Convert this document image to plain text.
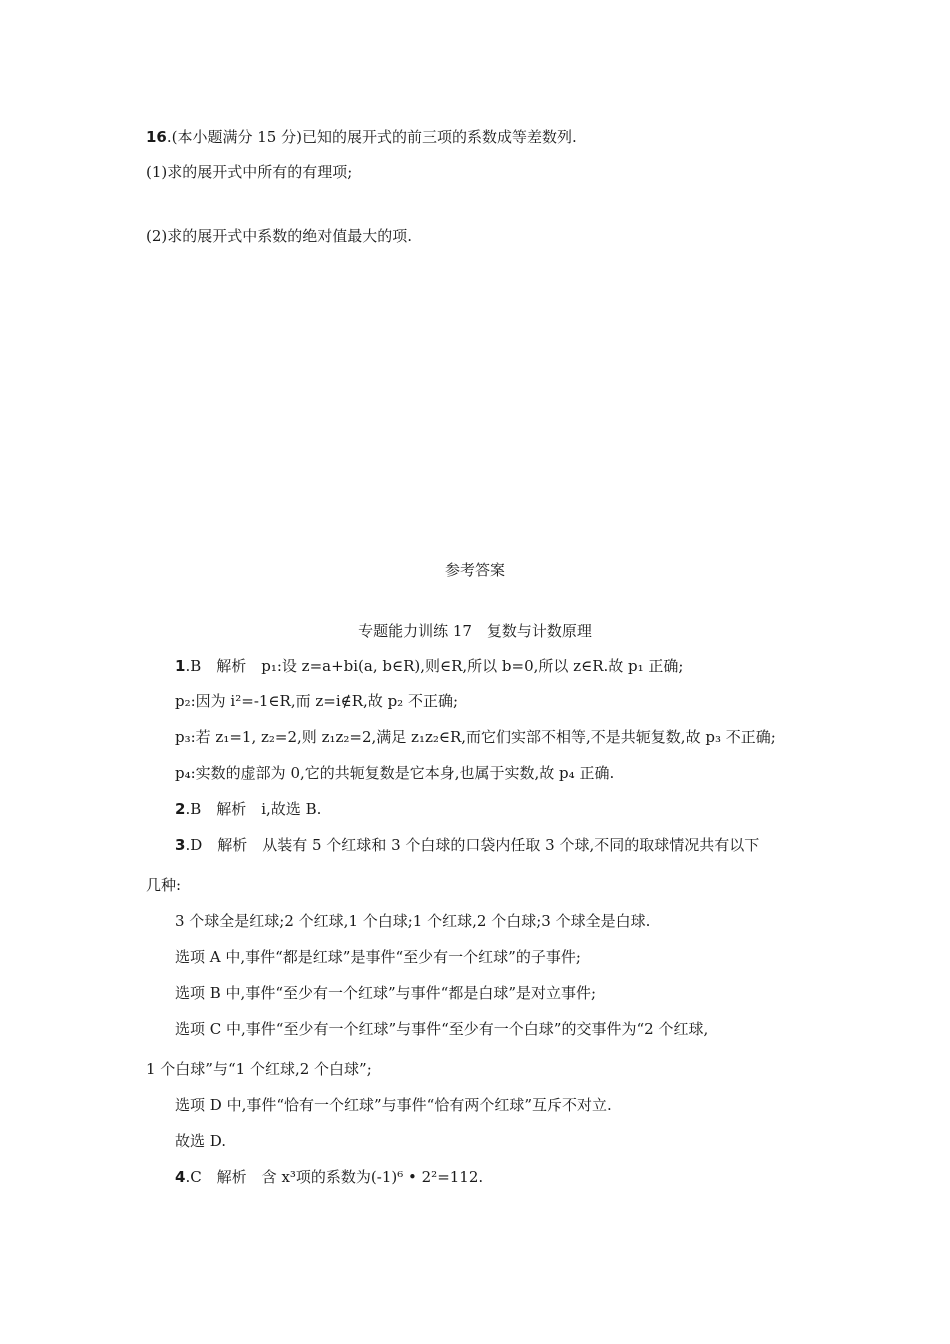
16.(本小题满分 15 分)已知的展开式的前三项的系数成等差数列.
(1)求的展开式中所有的有理项;
(2)求的展开式中系数的绝对值最大的项.
参考答案
专题能力训练 17　复数与计数原理
1.B　解析　p₁:设 z=a+bi(a, b∈R),则∈R,所以 b=0,所以 z∈R.故 p₁ 正确;
p₂:因为 i²=-1∈R,而 z=i∉R,故 p₂ 不正确;
p₃:若 z₁=1, z₂=2,则 z₁z₂=2,满足 z₁z₂∈R,而它们实部不相等,不是共轭复数,故 p₃ 不正确;
p₄:实数的虚部为 0,它的共轭复数是它本身,也属于实数,故 p₄ 正确.
2.B　解析　i,故选 B.
3.D　解析　从装有 5 个红球和 3 个白球的口袋内任取 3 个球,不同的取球情况共有以下
几种:
3 个球全是红球;2 个红球,1 个白球;1 个红球,2 个白球;3 个球全是白球.
选项 A 中,事件“都是红球”是事件“至少有一个红球”的子事件;
选项 B 中,事件“至少有一个红球”与事件“都是白球”是对立事件;
选项 C 中,事件“至少有一个红球”与事件“至少有一个白球”的交事件为“2 个红球,
1 个白球”与“1 个红球,2 个白球”;
选项 D 中,事件“恰有一个红球”与事件“恰有两个红球”互斥不对立.
故选 D.
4.C　解析　含 x³项的系数为(-1)⁶ • 2²=112.
